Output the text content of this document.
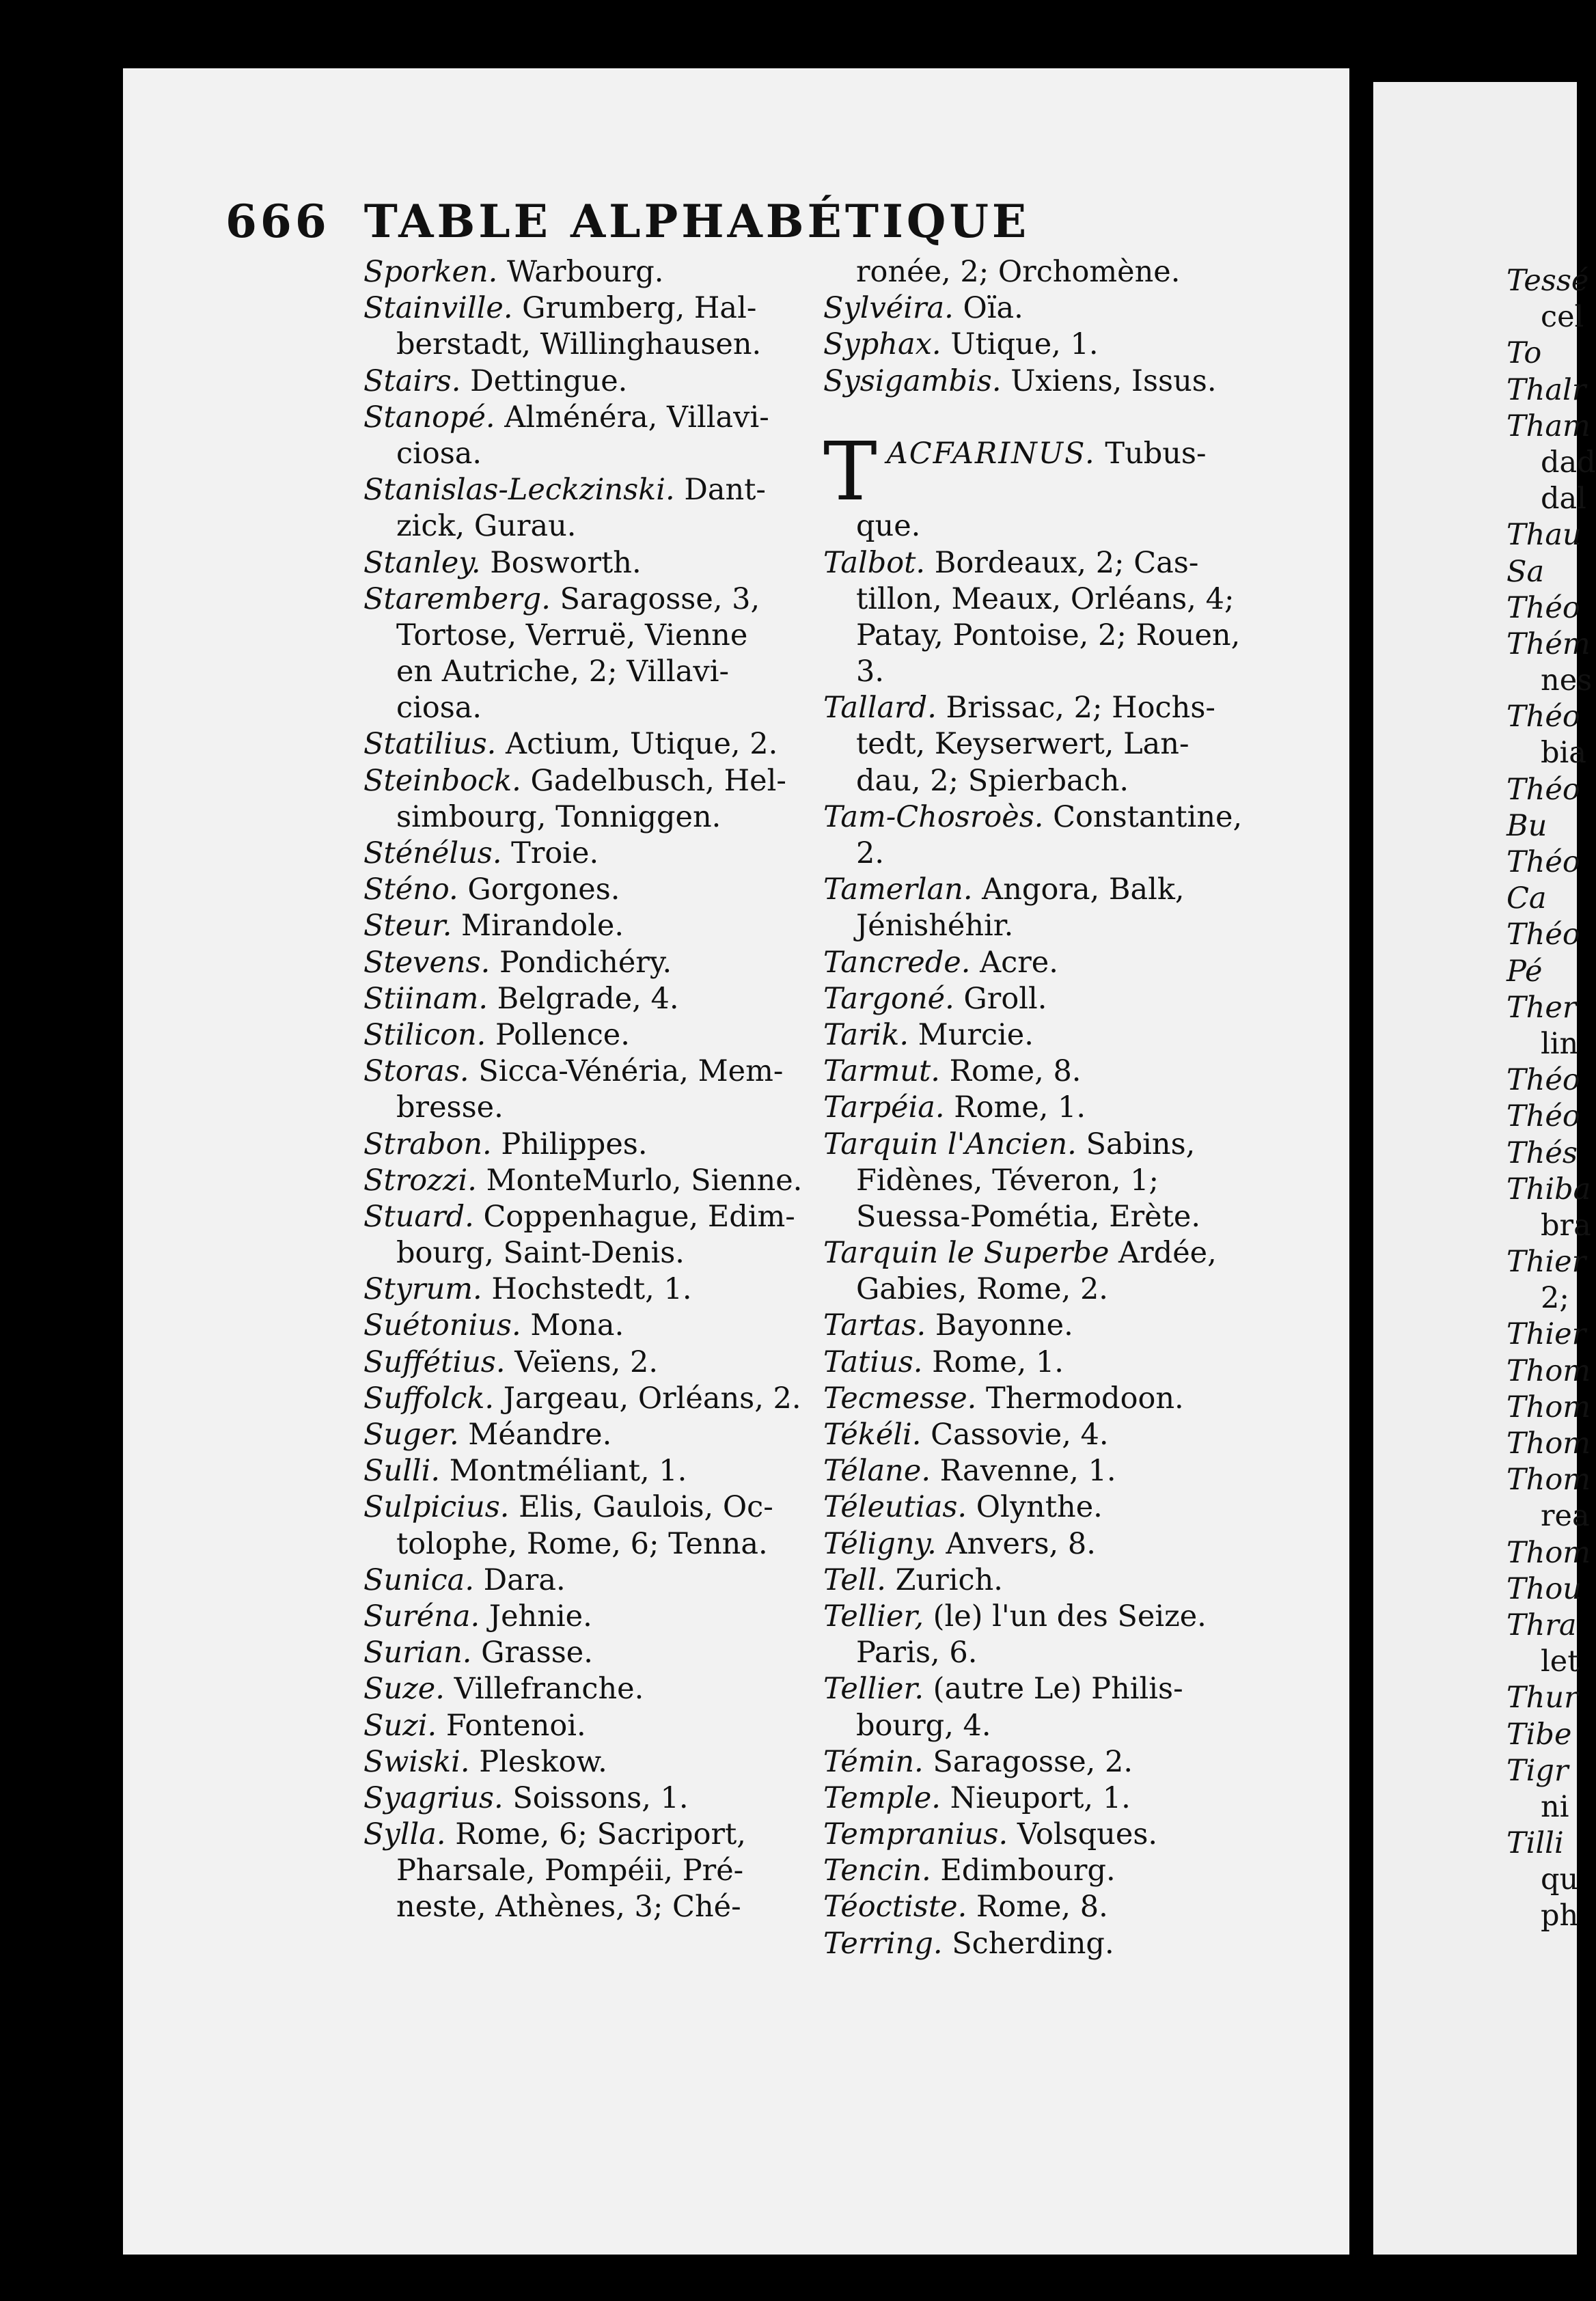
666 TABLE ALPHABÉTIQUE
Sporken. Warbourg.
Stainville. Grumberg, Hal-
berstadt, Willinghausen.
Stairs. Dettingue.
Stanopé. Alménéra, Villavi-
ciosa.
Stanislas-Leckzinski. Dant-
zick, Gurau.
Stanley. Bosworth.
Staremberg. Saragosse, 3,
Tortose, Verruë, Vienne
en Autriche, 2; Villavi-
ciosa.
Statilius. Actium, Utique, 2.
Steinbock. Gadelbusch, Hel-
simbourg, Tonniggen.
Sténélus. Troie.
Sténo. Gorgones.
Steur. Mirandole.
Stevens. Pondichéry.
Stiinam. Belgrade, 4.
Stilicon. Pollence.
Storas. Sicca-Vénéria, Mem-
bresse.
Strabon. Philippes.
Strozzi. MonteMurlo, Sienne.
Stuard. Coppenhague, Edim-
bourg, Saint-Denis.
Styrum. Hochstedt, 1.
Suétonius. Mona.
Suffétius. Veïens, 2.
Suffolck. Jargeau, Orléans, 2.
Suger. Méandre.
Sulli. Montméliant, 1.
Sulpicius. Elis, Gaulois, Oc-
tolophe, Rome, 6; Tenna.
Sunica. Dara.
Suréna. Jehnie.
Surian. Grasse.
Suze. Villefranche.
Suzi. Fontenoi.
Swiski. Pleskow.
Syagrius. Soissons, 1.
Sylla. Rome, 6; Sacriport,
Pharsale, Pompéii, Pré-
neste, Athènes, 3; Ché-
ronée, 2; Orchomène.
Sylvéira. Oïa.
Syphax. Utique, 1.
Sysigambis. Uxiens, Issus.
TACFARINUS. Tubus-
que.
Talbot. Bordeaux, 2; Cas-
tillon, Meaux, Orléans, 4;
Patay, Pontoise, 2; Rouen,
3.
Tallard. Brissac, 2; Hochs-
tedt, Keyserwert, Lan-
dau, 2; Spierbach.
Tam-Chosroès. Constantine,
2.
Tamerlan. Angora, Balk,
Jénishéhir.
Tancrede. Acre.
Targoné. Groll.
Tarik. Murcie.
Tarmut. Rome, 8.
Tarpéia. Rome, 1.
Tarquin l'Ancien. Sabins,
Fidènes, Téveron, 1;
Suessa-Pométia, Erète.
Tarquin le Superbe Ardée,
Gabies, Rome, 2.
Tartas. Bayonne.
Tatius. Rome, 1.
Tecmesse. Thermodoon.
Tékéli. Cassovie, 4.
Télane. Ravenne, 1.
Téleutias. Olynthe.
Téligny. Anvers, 8.
Tell. Zurich.
Tellier, (le) l'un des Seize.
Paris, 6.
Tellier. (autre Le) Philis-
bourg, 4.
Témin. Saragosse, 2.
Temple. Nieuport, 1.
Tempranius. Volsques.
Tencin. Edimbourg.
Téoctiste. Rome, 8.
Terring. Scherding.
Tessé
cel
To
Thalr
Tham
dad
dal
Thau
Sa
Théo
Thém
nes
Théo
bia
Théo
Bu
Théo
Ca
Théo
Pé
Ther
lin
Théo
Théo
Thés
Thiba
bra
Thier
2;
Thier
Thom
Thom
Thom
Thom
rea
Thom
Thou
Thra
let
Thur
Tibe
Tigr
ni
Tilli
qu
ph
